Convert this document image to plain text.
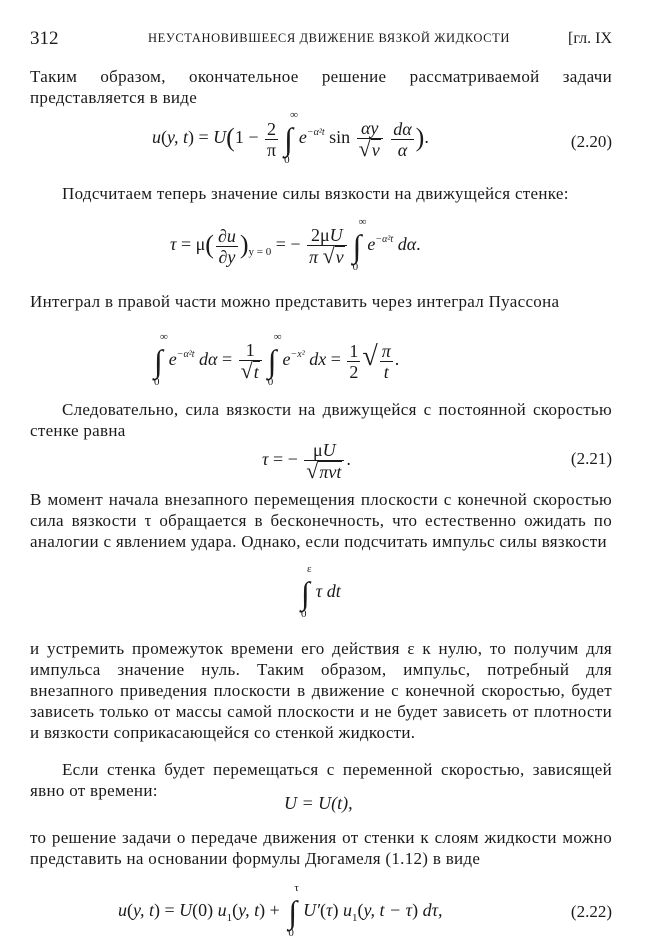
312	НЕУСТАНОВИВШЕЕСЯ ДВИЖЕНИЕ ВЯЗКОЙ ЖИДКОСТИ	[гл. IX
Таким образом, окончательное решение рассматриваемой задачи представляется в виде
u(y, $t) = U(1 - \frac{2}{\pi}$ ∫
∞
0
$e^{-\alpha^2t}$ $\sin \frac{\alpha y}{√\nu}$
$\frac{d\alpha}{\alpha}$ ).	(2.20)
Подсчитаем теперь значение силы вязкости на движущейся стенке:
$\tau = \mu( \frac{\partial u}{\partial y} )_{y = 0}$ = − $\frac{2\mu U}{\pi √\nu}$ ∫
∞
0
$e^{-\alpha^2t}$ dα.
Интеграл в правой части можно представить через интеграл Пуассона
∫
∞
0
$e^{-\alpha^2t}$ $d\alpha = \frac{1}{√t}$ ∫
∞
0
$e^{-x^2}$ dx = $\frac{1}{2}$ √ $\frac{\pi}{t}$ .
Следовательно, сила вязкости на движущейся с постоянной скоростью стенке равна
τ = − $\frac{\mu U}{\text{√πνt}}$ .	(2.21)
В момент начала внезапного перемещения плоскости с конечной скоростью сила вязкости τ обращается в бесконечность, что естественно ожидать по аналогии с явлением удара. Однако, если подсчитать импульс силы вязкости
∫
ε
0
τ dt
и устремить промежуток времени его действия ε к нулю, то получим для импульса значение нуль. Таким образом, импульс, потребный для внезапного приведения плоскости в движение с конечной скоростью, будет зависеть только от массы самой плоскости и не будет зависеть от плотности и вязкости соприкасающейся со стенкой жидкости.
Если стенка будет перемещаться с переменной скоростью, зависящей явно от времени:
U = U(t),
то решение задачи о передаче движения от стенки к слоям жидкости можно представить на основании формулы Дюгамеля (1.12) в виде
u(y, t) = U(0) $u_1(y$, t) + ∫
τ
0
U′(τ) $u_1(y$, t − τ) dτ,	(2.22)
